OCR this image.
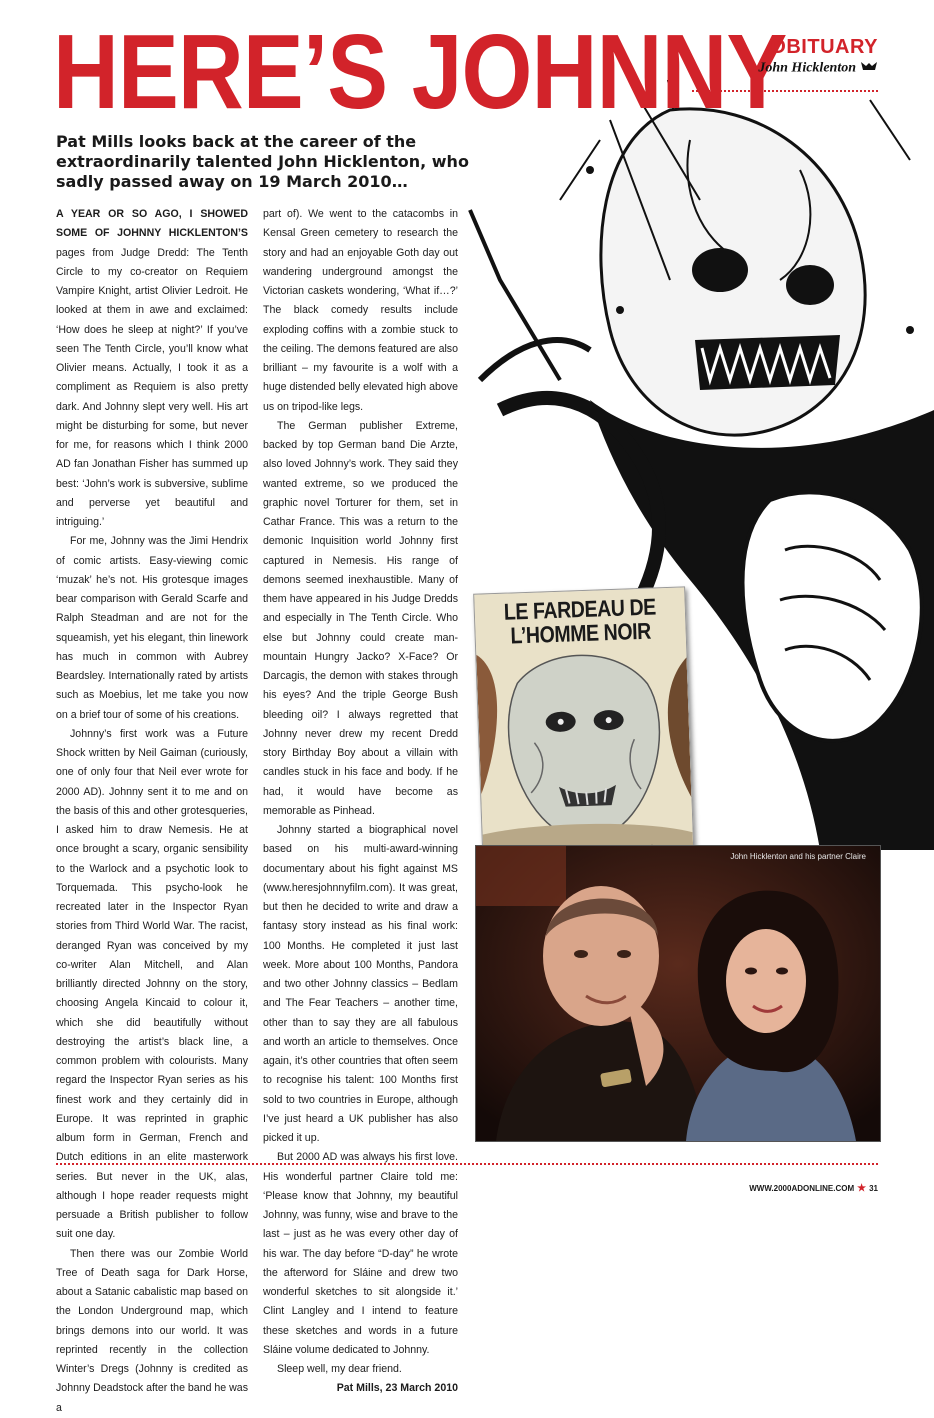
HERE’S JOHNNY
OBITUARY
John Hicklenton

Pat Mills looks back at the career of the extraordinarily talented John Hicklenton, who sadly passed away on 19 March 2010…

A YEAR OR SO AGO, I SHOWED SOME OF JOHNNY HICKLENTON’S pages from Judge Dredd: The Tenth Circle to my co-creator on Requiem Vampire Knight, artist Olivier Ledroit. He looked at them in awe and exclaimed: ‘How does he sleep at night?’ If you’ve seen The Tenth Circle, you’ll know what Olivier means. Actually, I took it as a compliment as Requiem is also pretty dark. And Johnny slept very well. His art might be disturbing for some, but never for me, for reasons which I think 2000 AD fan Jonathan Fisher has summed up best: ‘John’s work is subversive, sublime and perverse yet beautiful and intriguing.’

For me, Johnny was the Jimi Hendrix of comic artists. Easy-viewing comic ‘muzak’ he’s not. His grotesque images bear comparison with Gerald Scarfe and Ralph Steadman and are not for the squeamish, yet his elegant, thin linework has much in common with Aubrey Beardsley. Internationally rated by artists such as Moebius, let me take you now on a brief tour of some of his creations.

Johnny’s first work was a Future Shock written by Neil Gaiman (curiously, one of only four that Neil ever wrote for 2000 AD). Johnny sent it to me and on the basis of this and other grotesqueries, I asked him to draw Nemesis. He at once brought a scary, organic sensibility to the Warlock and a psychotic look to Torquemada. This psycho-look he recreated later in the Inspector Ryan stories from Third World War. The racist, deranged Ryan was conceived by my co-writer Alan Mitchell, and Alan brilliantly directed Johnny on the story, choosing Angela Kincaid to colour it, which she did beautifully without destroying the artist’s black line, a common problem with colourists. Many regard the Inspector Ryan series as his finest work and they certainly did in Europe. It was reprinted in graphic album form in German, French and Dutch editions in an elite masterwork series. But never in the UK, alas, although I hope reader requests might persuade a British publisher to follow suit one day.

Then there was our Zombie World Tree of Death saga for Dark Horse, about a Satanic cabalistic map based on the London Underground map, which brings demons into our world. It was reprinted recently in the collection Winter’s Dregs (Johnny is credited as Johnny Deadstock after the band he was a

part of). We went to the catacombs in Kensal Green cemetery to research the story and had an enjoyable Goth day out wandering underground amongst the Victorian caskets wondering, ‘What if…?’ The black comedy results include exploding coffins with a zombie stuck to the ceiling. The demons featured are also brilliant – my favourite is a wolf with a huge distended belly elevated high above us on tripod-like legs.

The German publisher Extreme, backed by top German band Die Arzte, also loved Johnny’s work. They said they wanted extreme, so we produced the graphic novel Torturer for them, set in Cathar France. This was a return to the demonic Inquisition world Johnny first captured in Nemesis. His range of demons seemed inexhaustible. Many of them have appeared in his Judge Dredds and especially in The Tenth Circle. Who else but Johnny could create man-mountain Hungry Jacko? X-Face? Or Darcagis, the demon with stakes through his eyes? And the triple George Bush bleeding oil? I always regretted that Johnny never drew my recent Dredd story Birthday Boy about a villain with candles stuck in his face and body. If he had, it would have become as memorable as Pinhead.

Johnny started a biographical novel based on his multi-award-winning documentary about his fight against MS (www.heresjohnnyfilm.com). It was great, but then he decided to write and draw a fantasy story instead as his final work: 100 Months. He completed it just last week. More about 100 Months, Pandora and two other Johnny classics – Bedlam and The Fear Teachers – another time, other than to say they are all fabulous and worth an article to themselves. Once again, it’s other countries that often seem to recognise his talent: 100 Months first sold to two countries in Europe, although I’ve just heard a UK publisher has also picked it up.

But 2000 AD was always his first love. His wonderful partner Claire told me: ‘Please know that Johnny, my beautiful Johnny, was funny, wise and brave to the last – just as he was every other day of his war. The day before “D-day” he wrote the afterword for Sláine and drew two wonderful sketches to sit alongside it.’ Clint Langley and I intend to feature these sketches and words in a future Sláine volume dedicated to Johnny.

Sleep well, my dear friend.

Pat Mills, 23 March 2010

LE FARDEAU DE
L’HOMME NOIR
John Hicklenton and his partner Claire
WWW.2000ADONLINE.COM ★ 31
